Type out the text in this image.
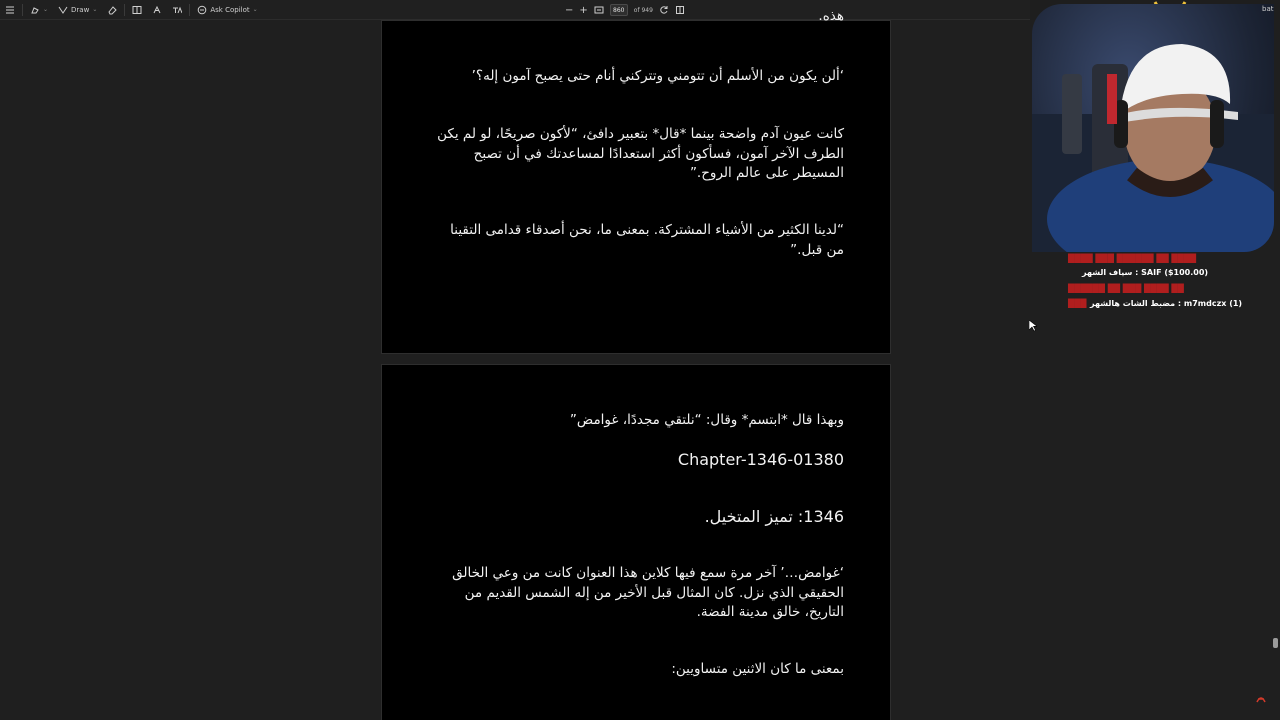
⌄	Draw ⌄	Ask Copilot ⌄	− +
860	of 949	هذه.
‘ألن يكون من الأسلم أن تتومني وتتركني أنام حتى يصبح آمون إله؟’
كانت عيون آدم واضحة بينما *قال* بتعبير دافئ، “لأكون صريحًا، لو لم يكن الطرف الآخر آمون، فسأكون أكثر استعدادًا لمساعدتك في أن تصبح المسيطر على عالم الروح.”
“لدينا الكثير من الأشياء المشتركة. بمعنى ما، نحن أصدقاء قدامى التقينا من قبل.”
وبهذا قال *ابتسم* وقال: “نلتقي مجددًا، غوامض”
Chapter-1346-01380
1346: تميز المتخيل.
‘غوامض…’ آخر مرة سمع فيها كلاين هذا العنوان كانت من وعي الخالق الحقيقي الذي نزل. كان المثال قبل الأخير من إله الشمس القديم من التاريخ، خالق مدينة الفضة.
بمعنى ما كان الاثنين متساويين:
████ ██ ██████ ███ ████
SAIF ($100.00) : سياف الشهر
██ ████ ███ ██ ██████
███ m7mdczx (1) : مضبط الشات هالشهر
bat
